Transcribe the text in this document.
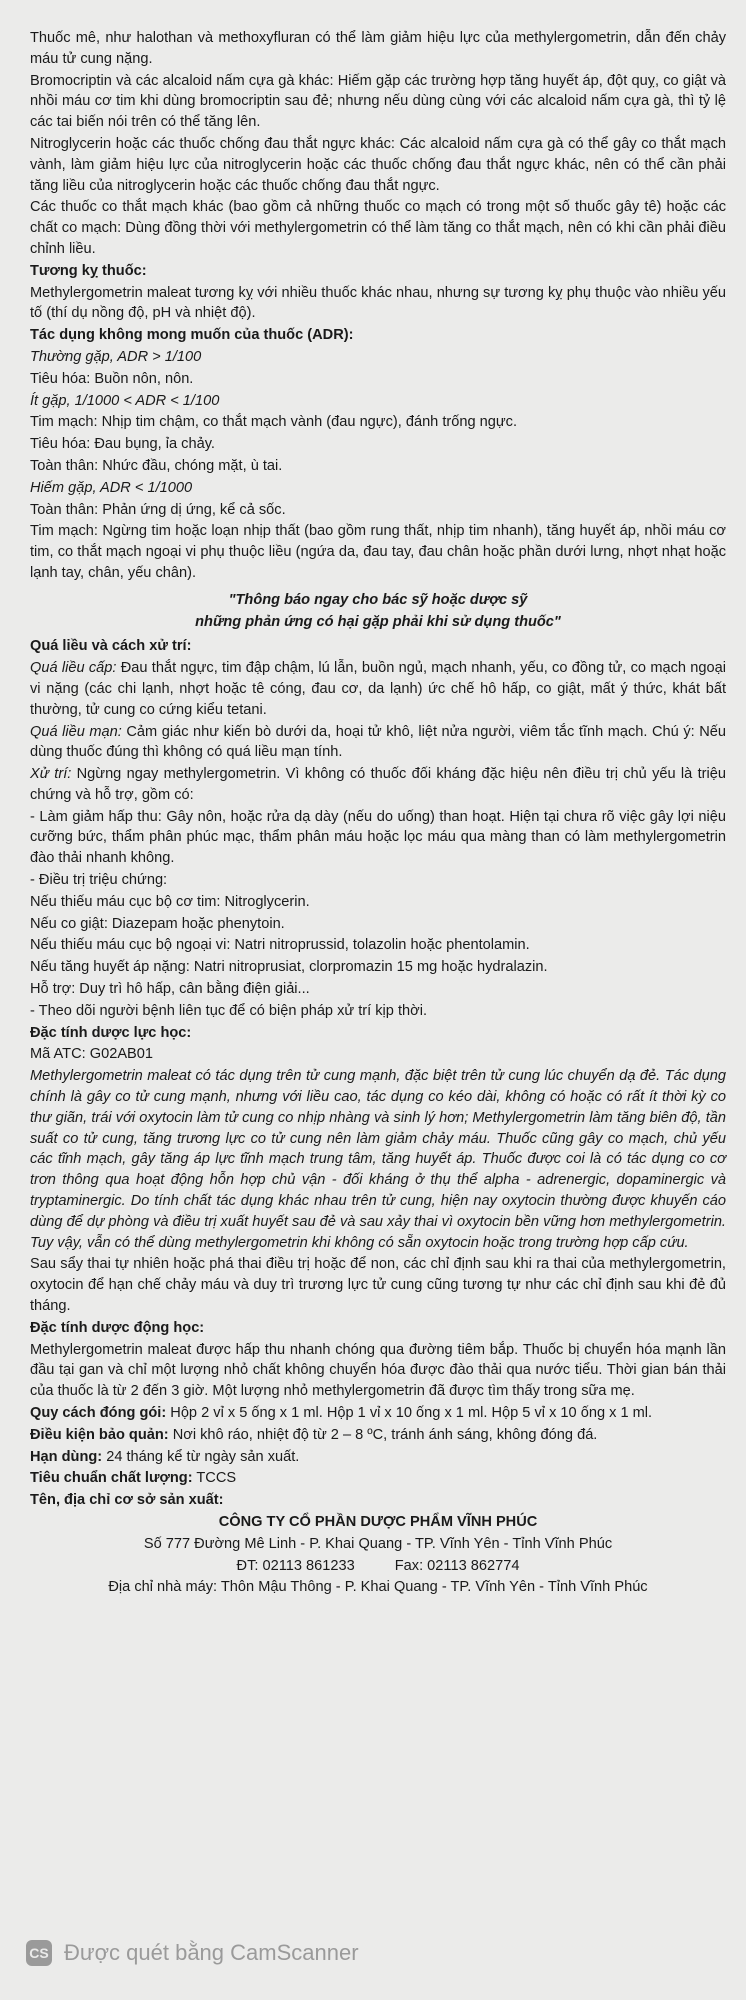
Thuốc mê, như halothan và methoxyfluran có thể làm giảm hiệu lực của methylergometrin, dẫn đến chảy máu tử cung nặng.

Bromocriptin và các alcaloid nấm cựa gà khác: Hiếm gặp các trường hợp tăng huyết áp, đột quỵ, co giật và nhồi máu cơ tim khi dùng bromocriptin sau đẻ; nhưng nếu dùng cùng với các alcaloid nấm cựa gà, thì tỷ lệ các tai biến nói trên có thể tăng lên.

Nitroglycerin hoặc các thuốc chống đau thắt ngực khác: Các alcaloid nấm cựa gà có thể gây co thắt mạch vành, làm giảm hiệu lực của nitroglycerin hoặc các thuốc chống đau thắt ngực khác, nên có thể cần phải tăng liều của nitroglycerin hoặc các thuốc chống đau thắt ngực.

Các thuốc co thắt mạch khác (bao gồm cả những thuốc co mạch có trong một số thuốc gây tê) hoặc các chất co mạch: Dùng đồng thời với methylergometrin có thể làm tăng co thắt mạch, nên có khi cần phải điều chỉnh liều.

Tương kỵ thuốc:

Methylergometrin maleat tương kỵ với nhiều thuốc khác nhau, nhưng sự tương kỵ phụ thuộc vào nhiều yếu tố (thí dụ nồng độ, pH và nhiệt độ).

Tác dụng không mong muốn của thuốc (ADR):

Thường gặp, ADR > 1/100

Tiêu hóa: Buồn nôn, nôn.

Ít gặp, 1/1000 < ADR < 1/100

Tim mạch: Nhịp tim chậm, co thắt mạch vành (đau ngực), đánh trống ngực.

Tiêu hóa: Đau bụng, ỉa chảy.

Toàn thân: Nhức đầu, chóng mặt, ù tai.

Hiếm gặp, ADR < 1/1000

Toàn thân: Phản ứng dị ứng, kể cả sốc.

Tim mạch: Ngừng tim hoặc loạn nhịp thất (bao gồm rung thất, nhịp tim nhanh), tăng huyết áp, nhồi máu cơ tim, co thắt mạch ngoại vi phụ thuộc liều (ngứa da, đau tay, đau chân hoặc phần dưới lưng, nhợt nhạt hoặc lạnh tay, chân, yếu chân).

"Thông báo ngay cho bác sỹ hoặc dược sỹ

những phản ứng có hại gặp phải khi sử dụng thuốc"

Quá liều và cách xử trí:

Quá liều cấp: Đau thắt ngực, tim đập chậm, lú lẫn, buồn ngủ, mạch nhanh, yếu, co đồng tử, co mạch ngoại vi nặng (các chi lạnh, nhợt hoặc tê cóng, đau cơ, da lạnh) ức chế hô hấp, co giật, mất ý thức, khát bất thường, tử cung co cứng kiểu tetani.

Quá liều mạn: Cảm giác như kiến bò dưới da, hoại tử khô, liệt nửa người, viêm tắc tĩnh mạch. Chú ý: Nếu dùng thuốc đúng thì không có quá liều mạn tính.

Xử trí: Ngừng ngay methylergometrin. Vì không có thuốc đối kháng đặc hiệu nên điều trị chủ yếu là triệu chứng và hỗ trợ, gồm có:

- Làm giảm hấp thu: Gây nôn, hoặc rửa dạ dày (nếu do uống) than hoạt. Hiện tại chưa rõ việc gây lợi niệu cưỡng bức, thẩm phân phúc mạc, thẩm phân máu hoặc lọc máu qua màng than có làm methylergometrin đào thải nhanh không.

- Điều trị triệu chứng:

Nếu thiếu máu cục bộ cơ tim: Nitroglycerin.

Nếu co giật: Diazepam hoặc phenytoin.

Nếu thiếu máu cục bộ ngoại vi: Natri nitroprussid, tolazolin hoặc phentolamin.

Nếu tăng huyết áp nặng: Natri nitroprusiat, clorpromazin 15 mg hoặc hydralazin.

Hỗ trợ: Duy trì hô hấp, cân bằng điện giải...

- Theo dõi người bệnh liên tục để có biện pháp xử trí kịp thời.

Đặc tính dược lực học:

Mã ATC: G02AB01

Methylergometrin maleat có tác dụng trên tử cung mạnh, đặc biệt trên tử cung lúc chuyển dạ đẻ. Tác dụng chính là gây co tử cung mạnh, nhưng với liều cao, tác dụng co kéo dài, không có hoặc có rất ít thời kỳ co thư giãn, trái với oxytocin làm tử cung co nhịp nhàng và sinh lý hơn; Methylergometrin làm tăng biên độ, tần suất co tử cung, tăng trương lực co tử cung nên làm giảm chảy máu. Thuốc cũng gây co mạch, chủ yếu các tĩnh mạch, gây tăng áp lực tĩnh mạch trung tâm, tăng huyết áp. Thuốc được coi là có tác dụng co cơ trơn thông qua hoạt động hỗn hợp chủ vận - đối kháng ở thụ thể alpha - adrenergic, dopaminergic và tryptaminergic. Do tính chất tác dụng khác nhau trên tử cung, hiện nay oxytocin thường được khuyến cáo dùng để dự phòng và điều trị xuất huyết sau đẻ và sau xảy thai vì oxytocin bền vững hơn methylergometrin. Tuy vậy, vẫn có thể dùng methylergometrin khi không có sẵn oxytocin hoặc trong trường hợp cấp cứu.

Sau sẩy thai tự nhiên hoặc phá thai điều trị hoặc để non, các chỉ định sau khi ra thai của methylergometrin, oxytocin để hạn chế chảy máu và duy trì trương lực tử cung cũng tương tự như các chỉ định sau khi đẻ đủ tháng.

Đặc tính dược động học:

Methylergometrin maleat được hấp thu nhanh chóng qua đường tiêm bắp. Thuốc bị chuyển hóa mạnh lần đầu tại gan và chỉ một lượng nhỏ chất không chuyển hóa được đào thải qua nước tiểu. Thời gian bán thải của thuốc là từ 2 đến 3 giờ. Một lượng nhỏ methylergometrin đã được tìm thấy trong sữa mẹ.

Quy cách đóng gói: Hộp 2 vỉ x 5 ống x 1 ml. Hộp 1 vỉ x 10 ống x 1 ml. Hộp 5 vỉ x 10 ống x 1 ml.

Điều kiện bảo quản: Nơi khô ráo, nhiệt độ từ 2 – 8 ºC, tránh ánh sáng, không đóng đá.

Hạn dùng: 24 tháng kể từ ngày sản xuất.

Tiêu chuẩn chất lượng: TCCS

Tên, địa chỉ cơ sở sản xuất:

CÔNG TY CỔ PHẦN DƯỢC PHẨM VĨNH PHÚC

Số 777 Đường Mê Linh - P. Khai Quang - TP. Vĩnh Yên - Tỉnh Vĩnh Phúc

ĐT: 02113 861233	Fax: 02113 862774

Địa chỉ nhà máy: Thôn Mậu Thông - P. Khai Quang - TP. Vĩnh Yên - Tỉnh Vĩnh Phúc

CS Được quét bằng CamScanner
